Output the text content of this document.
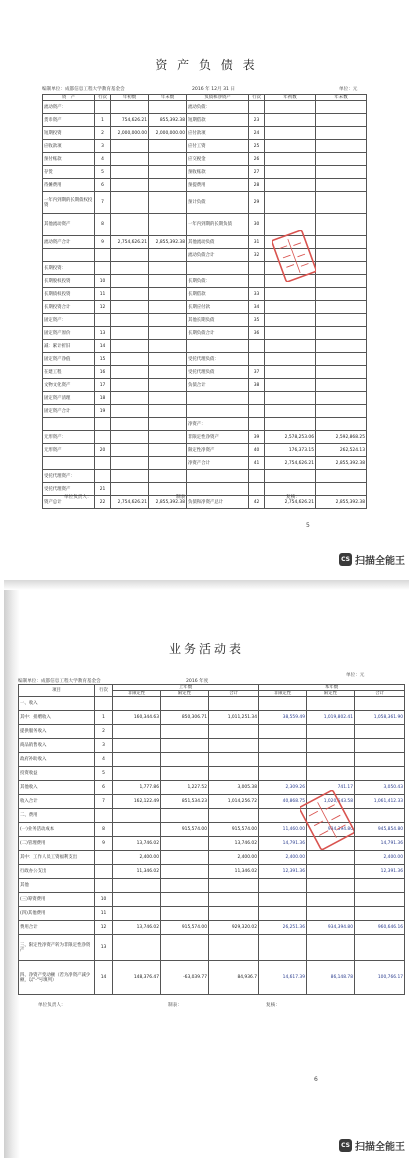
资 产 负 债 表
编制单位：成都信息工程大学教育基金会	2016 年 12月 31 日	单位：元
资　产	行次	年初数	年末数	负债和净资产	行次	年初数	年末数
流动资产：				流动负债：			
货币资产	1	754,626.21	855,392.38	短期借款	23		
短期投资	2	2,000,000.00	2,000,000.00	应付款项	24		
应收款项	3			应付工资	25		
预付账款	4			应交税金	26		
存货	5			预收账款	27		
待摊费用	6			预提费用	28		
一年内到期的长期债权投资	7			预计负债	29		
其他流动资产	8			一年内到期的长期负债	30		
流动资产合计	9	2,754,626.21	2,855,392.38	其他流动负债	31		
				流动负债合计	32		
长期投资：							
长期股权投资	10			长期负债：			
长期债权投资	11			长期借款	33		
长期投资合计	12			长期应付款	34		
固定资产：				其他长期负债	35		
固定资产原价	13			长期负债合计	36		
减：累计折旧	14						
固定资产净值	15			受托代理负债：			
在建工程	16			受托代理负债	37		
文物文化资产	17			负债合计	38		
固定资产清理	18						
固定资产合计	19						
				净资产：			
无形资产：				非限定性净资产	39	2,578,253.06	2,592,868.25
无形资产	20			限定性净资产	40	176,373.15	262,524.13
				净资产合计	41	2,754,626.21	2,855,392.38
受托代理资产：							
受托代理资产	21						
资产总计	22	2,754,626.21	2,855,392.38	负债和净资产总计	42	2,754,626.21	2,855,392.38
单位负责人：	制表：	复核：
5
CS 扫描全能王
业务活动表
编制单位：成都信息工程大学教育基金会	2016 年度
单位：元
项目	行次	上年数			本年数		
		非限定性	限定性	合计	非限定性	限定性	合计
一、收入							
其中：捐赠收入	1	160,344.63	850,306.71	1,011,251.34	38,559.49	1,019,802.41	1,058,361.90
提供服务收入	2						
商品销售收入	3						
政府补助收入	4						
投资收益	5						
其他收入	6	1,777.86	1,227.52	3,005.38	2,309.26	741.17	3,050.43
收入合计	7	162,122.49	851,534.23	1,014,256.72	40,868.75	1,020,543.58	1,061,412.33
二、费用							
(一)业务活动成本	8		915,574.00	915,574.00	11,460.00	934,394.80	945,854.80
(二)管理费用	9	13,746.02		13,746.02	14,791.36		14,791.36
其中：工作人员工资福利支出		2,400.00		2,400.00	2,400.00		2,400.00
行政办公支出		11,346.02		11,346.02	12,391.36		12,391.36
其他							
(三)筹资费用	10						
(四)其他费用	11						
费用合计	12	13,746.02	915,574.00	929,320.02	26,251.36	934,394.80	960,646.16
三、限定性净资产转为非限定性净资产	13						
四、净资产变动额（若为净资产减少额，以"-"号填列）	14	148,376.47	-63,039.77	84,936.7	14,617.39	86,148.78	100,766.17
单位负责人：	制表：	复核：
6
CS 扫描全能王
